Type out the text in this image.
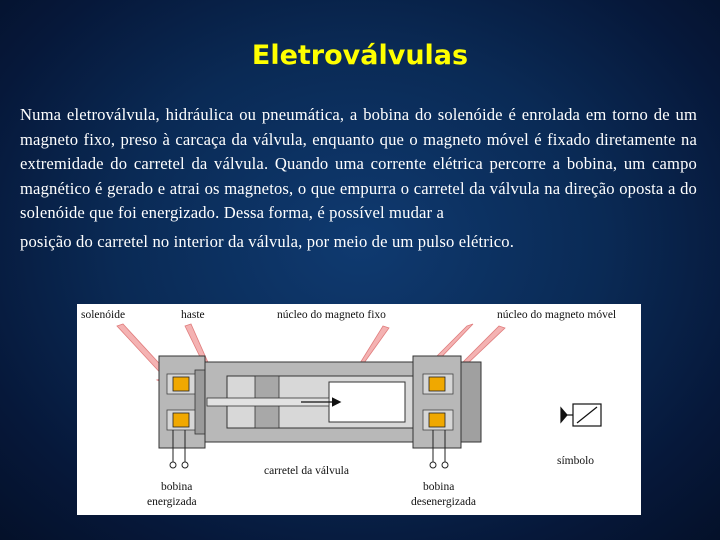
Eletroválvulas
Numa eletroválvula, hidráulica ou pneumática, a bobina do solenóide é enrolada em torno de um magneto fixo, preso à carcaça da válvula, enquanto que o magneto móvel é fixado diretamente na extremidade do carretel da válvula. Quando uma corrente elétrica percorre a bobina, um campo magnético é gerado e atrai os magnetos, o que empurra o carretel da válvula na direção oposta a do solenóide que foi energizado. Dessa forma, é possível mudar a
posição do carretel no interior da válvula, por meio de um pulso elétrico.
solenóide	haste	núcleo do magneto fixo	núcleo do magneto móvel
símbolo
carretel da válvula
bobina
energizada
bobina
desenergizada
